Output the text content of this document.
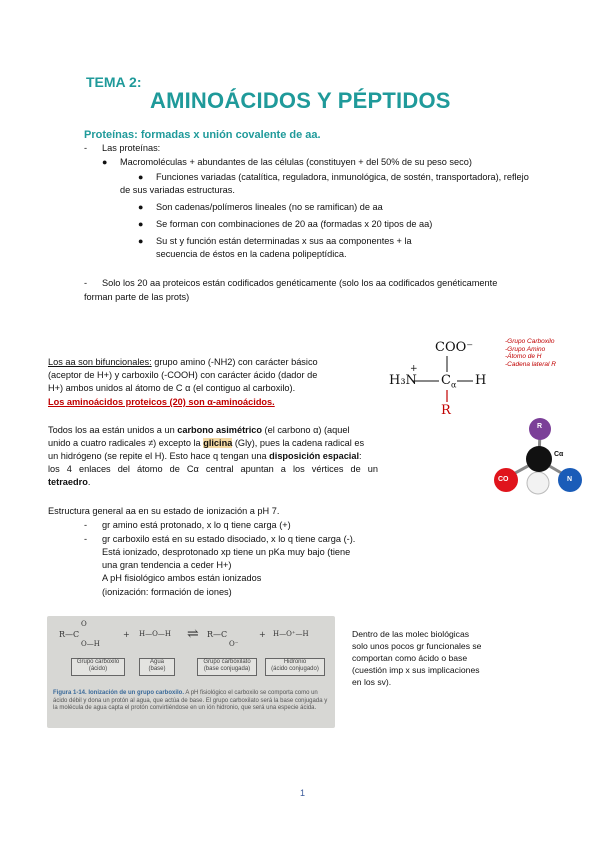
TEMA 2:
AMINOÁCIDOS Y PÉPTIDOS
Proteínas: formadas x unión covalente de aa.
- Las proteínas:
● Macromoléculas + abundantes de las células (constituyen + del 50% de su peso seco)
● Funciones variadas (catalítica, reguladora, inmunológica, de sostén, transportadora), reflejo
de sus variadas estructuras.
● Son cadenas/polímeros lineales (no se ramifican) de aa
● Se forman con combinaciones de 20 aa (formadas x 20 tipos de aa)
● Su st y función están determinadas x sus aa componentes + la
secuencia de éstos en la cadena polipeptídica.
- Solo los 20 aa proteicos están codificados genéticamente (solo los aa codificados genéticamente
forman parte de las prots)
Los aa son bifuncionales: grupo amino (-NH2) con carácter básico
(aceptor de H+) y carboxilo (-COOH) con carácter ácido (dador de
H+) ambos unidos al átomo de C α (el contiguo al carboxilo).
Los aminoácidos proteicos (20) son α-aminoácidos.
Todos los aa están unidos a un carbono asimétrico (el carbono α) (aquel
unido a cuatro radicales ≠) excepto la glicina (Gly), pues la cadena radical es
un hidrógeno (se repite el H). Esto hace q tengan una disposición espacial:
los 4 enlaces del átomo de Cα central apuntan a los vértices de un
tetraedro.
Estructura general aa en su estado de ionización a pH 7.
- gr amino está protonado, x lo q tiene carga (+)
- gr carboxilo está en su estado disociado, x lo q tiene carga (-).
Está ionizado, desprotonado xp tiene un pKa muy bajo (tiene
una gran tendencia a ceder H+)
A pH fisiológico ambos están ionizados
(ionización: formación de iones)
COO⁻
H₃N
+
$C_\alpha$ H
R
-Grupo Carboxilo
-Grupo Amino
-Átomo de H
-Cadena lateral R
R
CO	N
Cα
R—C
O
O—H
+ H—O—H ⇌ R—C
O⁻
+ H—O⁺—H
Grupo carboxilo
(ácido)
Agua
(base)
Grupo carboxilato
(base conjugada)
Hidronio
(ácido conjugado)
Figura 1-14. Ionización de un grupo carboxilo. A pH fisiológico el carboxilo se comporta como un ácido débil y dona un protón al agua, que actúa de base. El grupo carboxilato será la base conjugada y la molécula de agua capta el protón convirtiéndose en un ión hidronio, que será una especie ácida.
Dentro de las molec biológicas
solo unos pocos gr funcionales se
comportan como ácido o base
(cuestión imp x sus implicaciones
en los sv).
1
